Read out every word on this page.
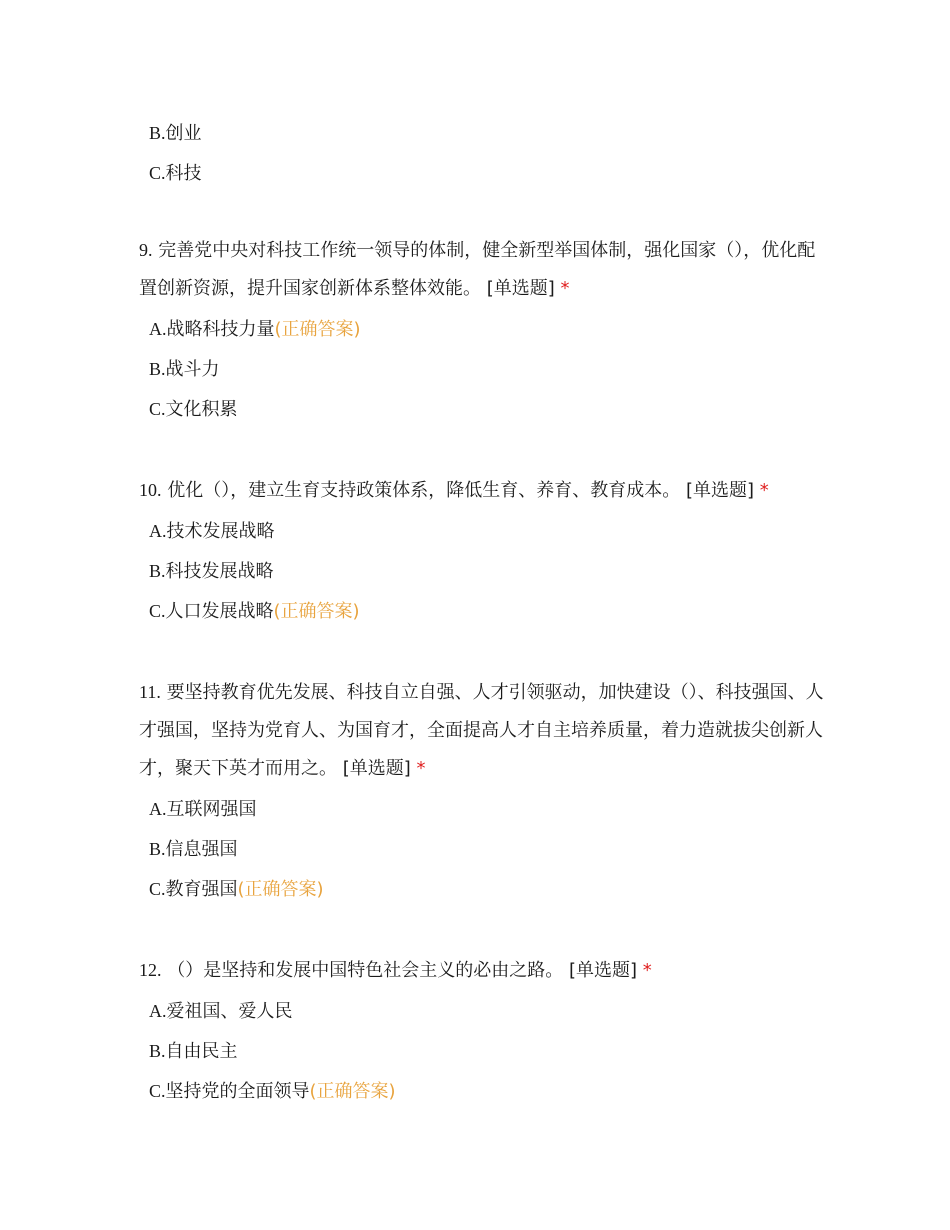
B.创业
C.科技

9. 完善党中央对科技工作统一领导的体制，健全新型举国体制，强化国家（），优化配置创新资源，提升国家创新体系整体效能。 [单选题] *

A.战略科技力量(正确答案)
B.战斗力
C.文化积累

10. 优化（），建立生育支持政策体系，降低生育、养育、教育成本。 [单选题] *

A.技术发展战略
B.科技发展战略
C.人口发展战略(正确答案)

11. 要坚持教育优先发展、科技自立自强、人才引领驱动，加快建设（）、科技强国、人才强国，坚持为党育人、为国育才，全面提高人才自主培养质量，着力造就拔尖创新人才，聚天下英才而用之。 [单选题] *

A.互联网强国
B.信息强国
C.教育强国(正确答案)

12. （）是坚持和发展中国特色社会主义的必由之路。 [单选题] *

A.爱祖国、爱人民
B.自由民主
C.坚持党的全面领导(正确答案)
